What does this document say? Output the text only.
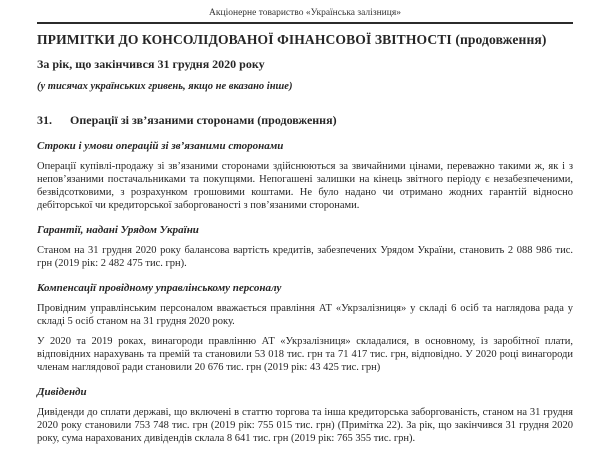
Акціонерне товариство «Українська залізниця»
ПРИМІТКИ ДО КОНСОЛІДОВАНОЇ ФІНАНСОВОЇ ЗВІТНОСТІ (продовження)
За рік, що закінчився 31 грудня 2020 року
(у тисячах українських гривень, якщо не вказано інше)
31.	Операції зі зв’язаними сторонами (продовження)
Строки і умови операцій зі зв’язаними сторонами

Операції купівлі-продажу зі зв’язаними сторонами здійснюються за звичайними цінами, переважно такими ж, як і з непов’язаними постачальниками та покупцями. Непогашені залишки на кінець звітного періоду є незабезпеченими, безвідсотковими, з розрахунком грошовими коштами. Не було надано чи отримано жодних гарантій відносно дебіторської чи кредиторської заборгованості з пов’язаними сторонами.

Гарантії, надані Урядом України

Станом на 31 грудня 2020 року балансова вартість кредитів, забезпечених Урядом України, становить 2 088 986 тис. грн (2019 рік: 2 482 475 тис. грн).

Компенсації провідному управлінському персоналу

Провідним управлінським персоналом вважається правління АТ «Укрзалізниця» у складі 6 осіб та наглядова рада у складі 5 осіб станом на 31 грудня 2020 року.

У 2020 та 2019 роках, винагороди правлінню АТ «Укрзалізниця» складалися, в основному, із заробітної плати, відповідних нарахувань та премій та становили 53 018 тис. грн та 71 417 тис. грн, відповідно. У 2020 році винагороди членам наглядової ради становили 20 676 тис. грн (2019 рік: 43 425 тис. грн)

Дивіденди

Дивіденди до сплати державі, що включені в статтю торгова та інша кредиторська заборгованість, станом на 31 грудня 2020 року становили 753 748 тис. грн (2019 рік: 755 015 тис. грн) (Примітка 22). За рік, що закінчився 31 грудня 2020 року, сума нарахованих дивідендів склала 8 641 тис. грн (2019 рік: 765 355 тис. грн).
